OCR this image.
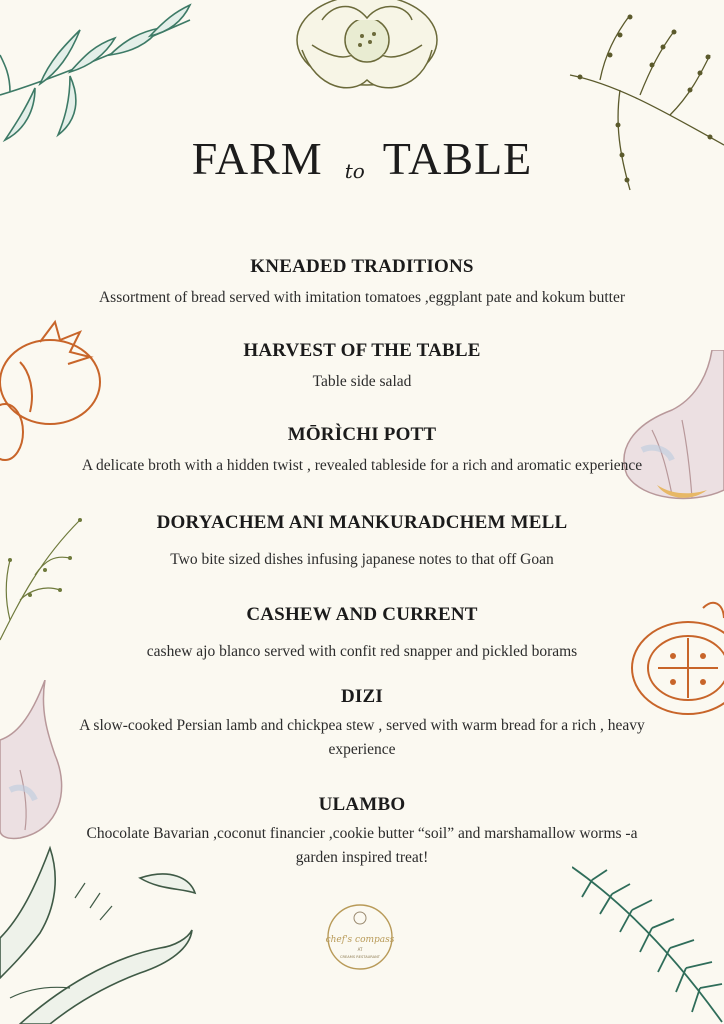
FARM to TABLE
KNEADED TRADITIONS

Assortment of bread served with imitation tomatoes ,eggplant pate and kokum butter

HARVEST OF THE TABLE

Table side salad

MŌRÌCHI POTT

A delicate broth with a hidden twist , revealed tableside for a rich and aromatic experience

DORYACHEM ANI MANKURADCHEM MELL

Two bite sized dishes infusing japanese notes to that off Goan

CASHEW AND CURRENT

cashew ajo blanco served with confit red snapper and pickled borams

DIZI

A slow-cooked Persian lamb and chickpea stew , served with warm bread for a rich , heavy experience

ULAMBO

Chocolate Bavarian ,coconut financier ,cookie butter “soil” and marshamallow worms -a garden inspired treat!

chef's compass
AT
CREAMS RESTAURANT
